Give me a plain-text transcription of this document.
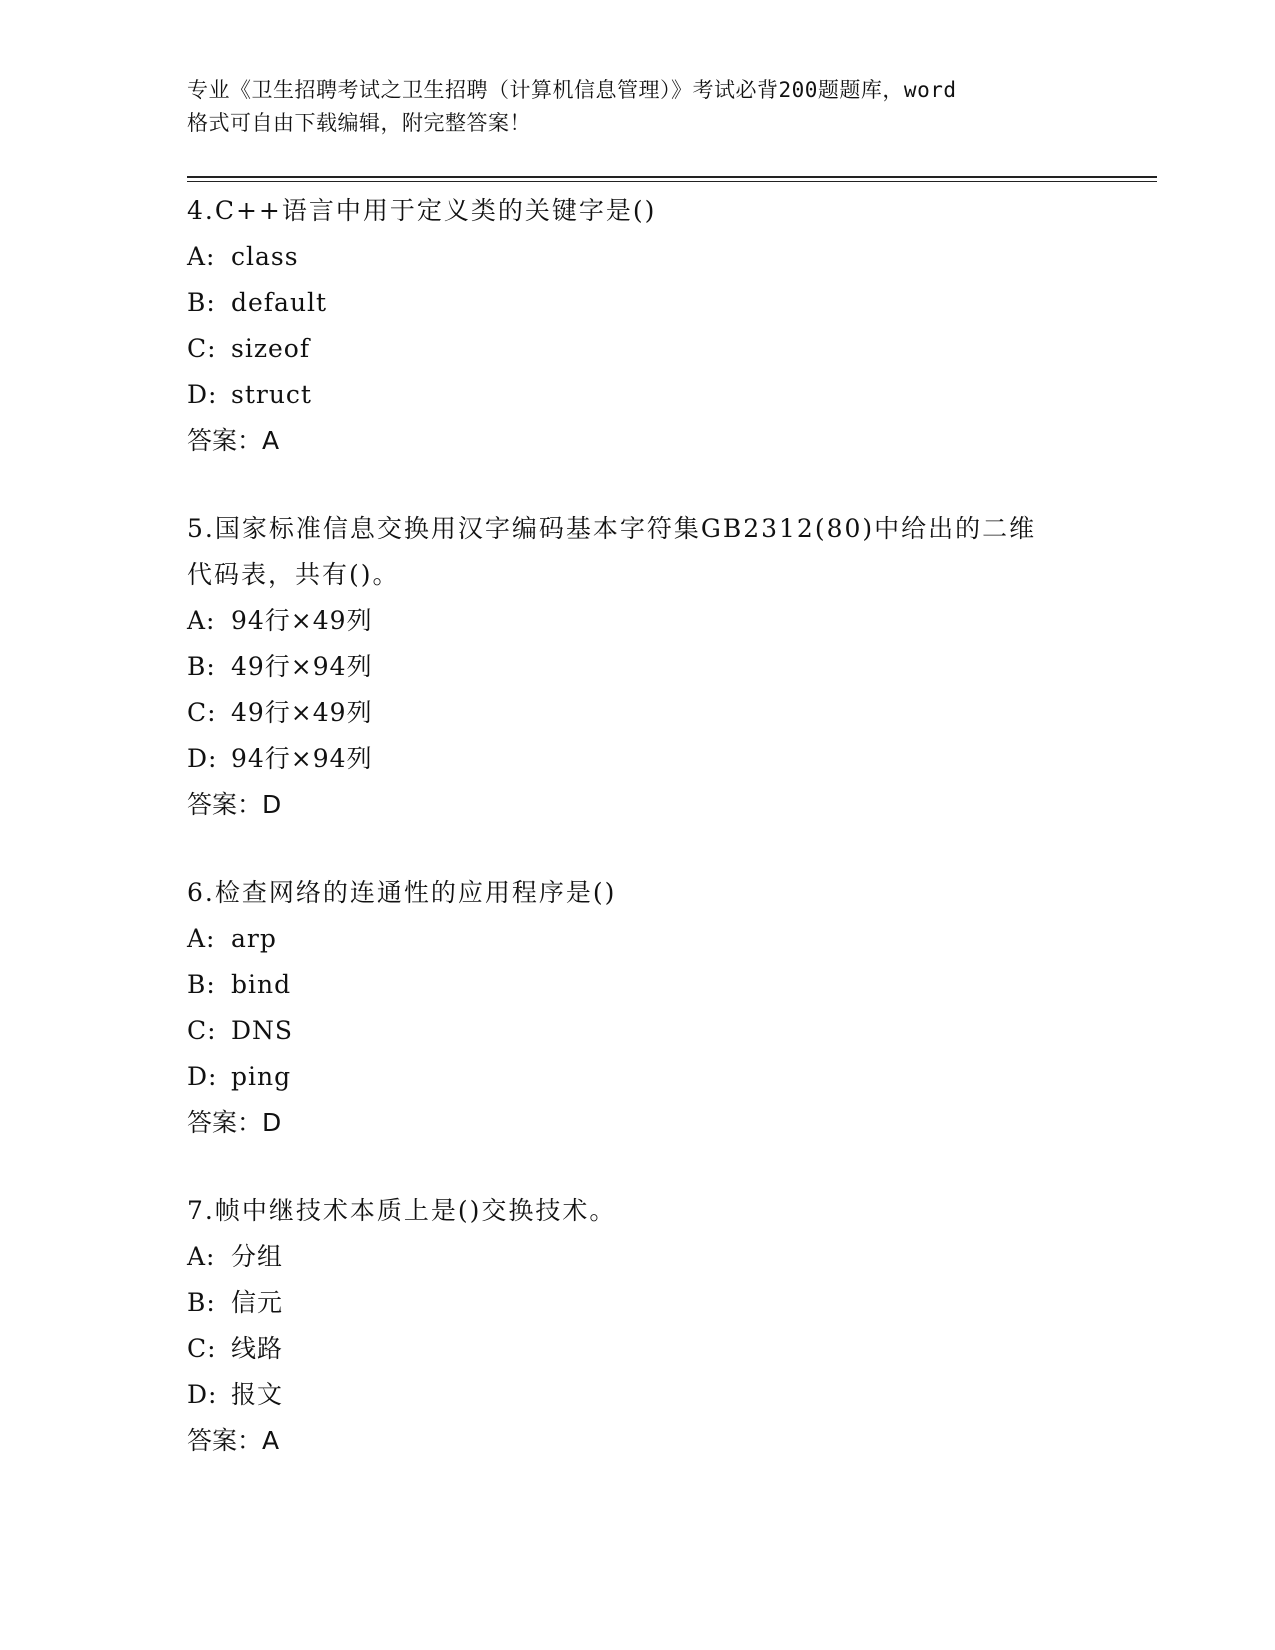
专业《卫生招聘考试之卫生招聘（计算机信息管理）》考试必背200题题库，word
格式可自由下载编辑，附完整答案！
4.C++语言中用于定义类的关键字是()
A: class
B: default
C: sizeof
D: struct
答案：A
5.国家标准信息交换用汉字编码基本字符集GB2312(80)中给出的二维
代码表，共有()。
A: 94行×49列
B: 49行×94列
C: 49行×49列
D: 94行×94列
答案：D
6.检查网络的连通性的应用程序是()
A: arp
B: bind
C: DNS
D: ping
答案：D
7.帧中继技术本质上是()交换技术。
A: 分组
B: 信元
C: 线路
D: 报文
答案：A
